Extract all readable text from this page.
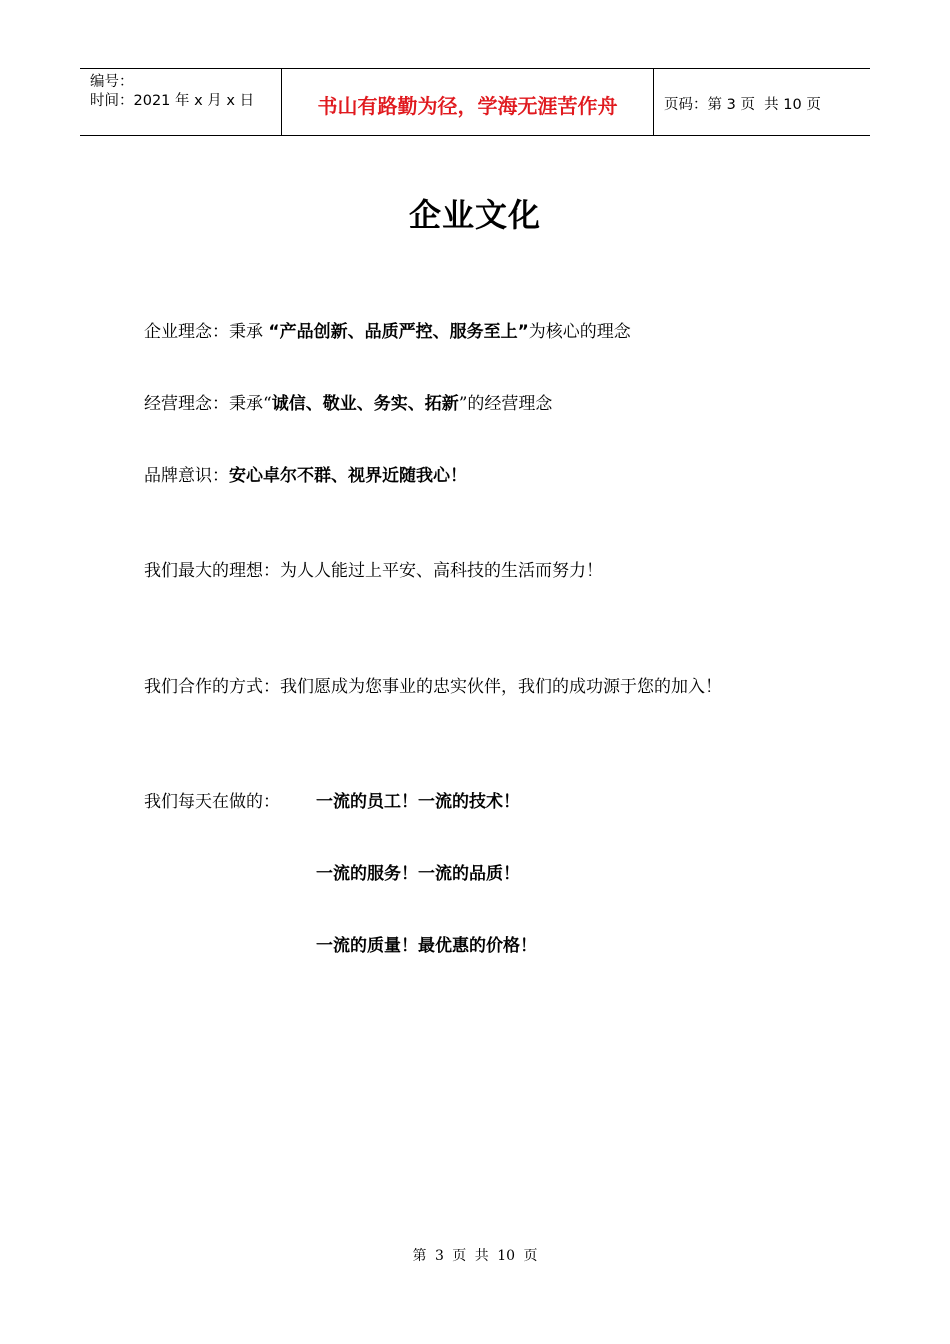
编号：
时间：2021 年 x 月 x 日	书山有路勤为径，学海无涯苦作舟	页码：第 3 页  共 10 页
企业文化
企业理念：秉承 “产品创新、品质严控、服务至上”为核心的理念
经营理念：秉承“诚信、敬业、务实、拓新”的经营理念
品牌意识：安心卓尔不群、视界近随我心！
我们最大的理想：为人人能过上平安、高科技的生活而努力！
我们合作的方式：我们愿成为您事业的忠实伙伴，我们的成功源于您的加入！
我们每天在做的： 一流的员工！一流的技术！
一流的服务！一流的品质！
一流的质量！最优惠的价格！
第 3 页 共 10 页
